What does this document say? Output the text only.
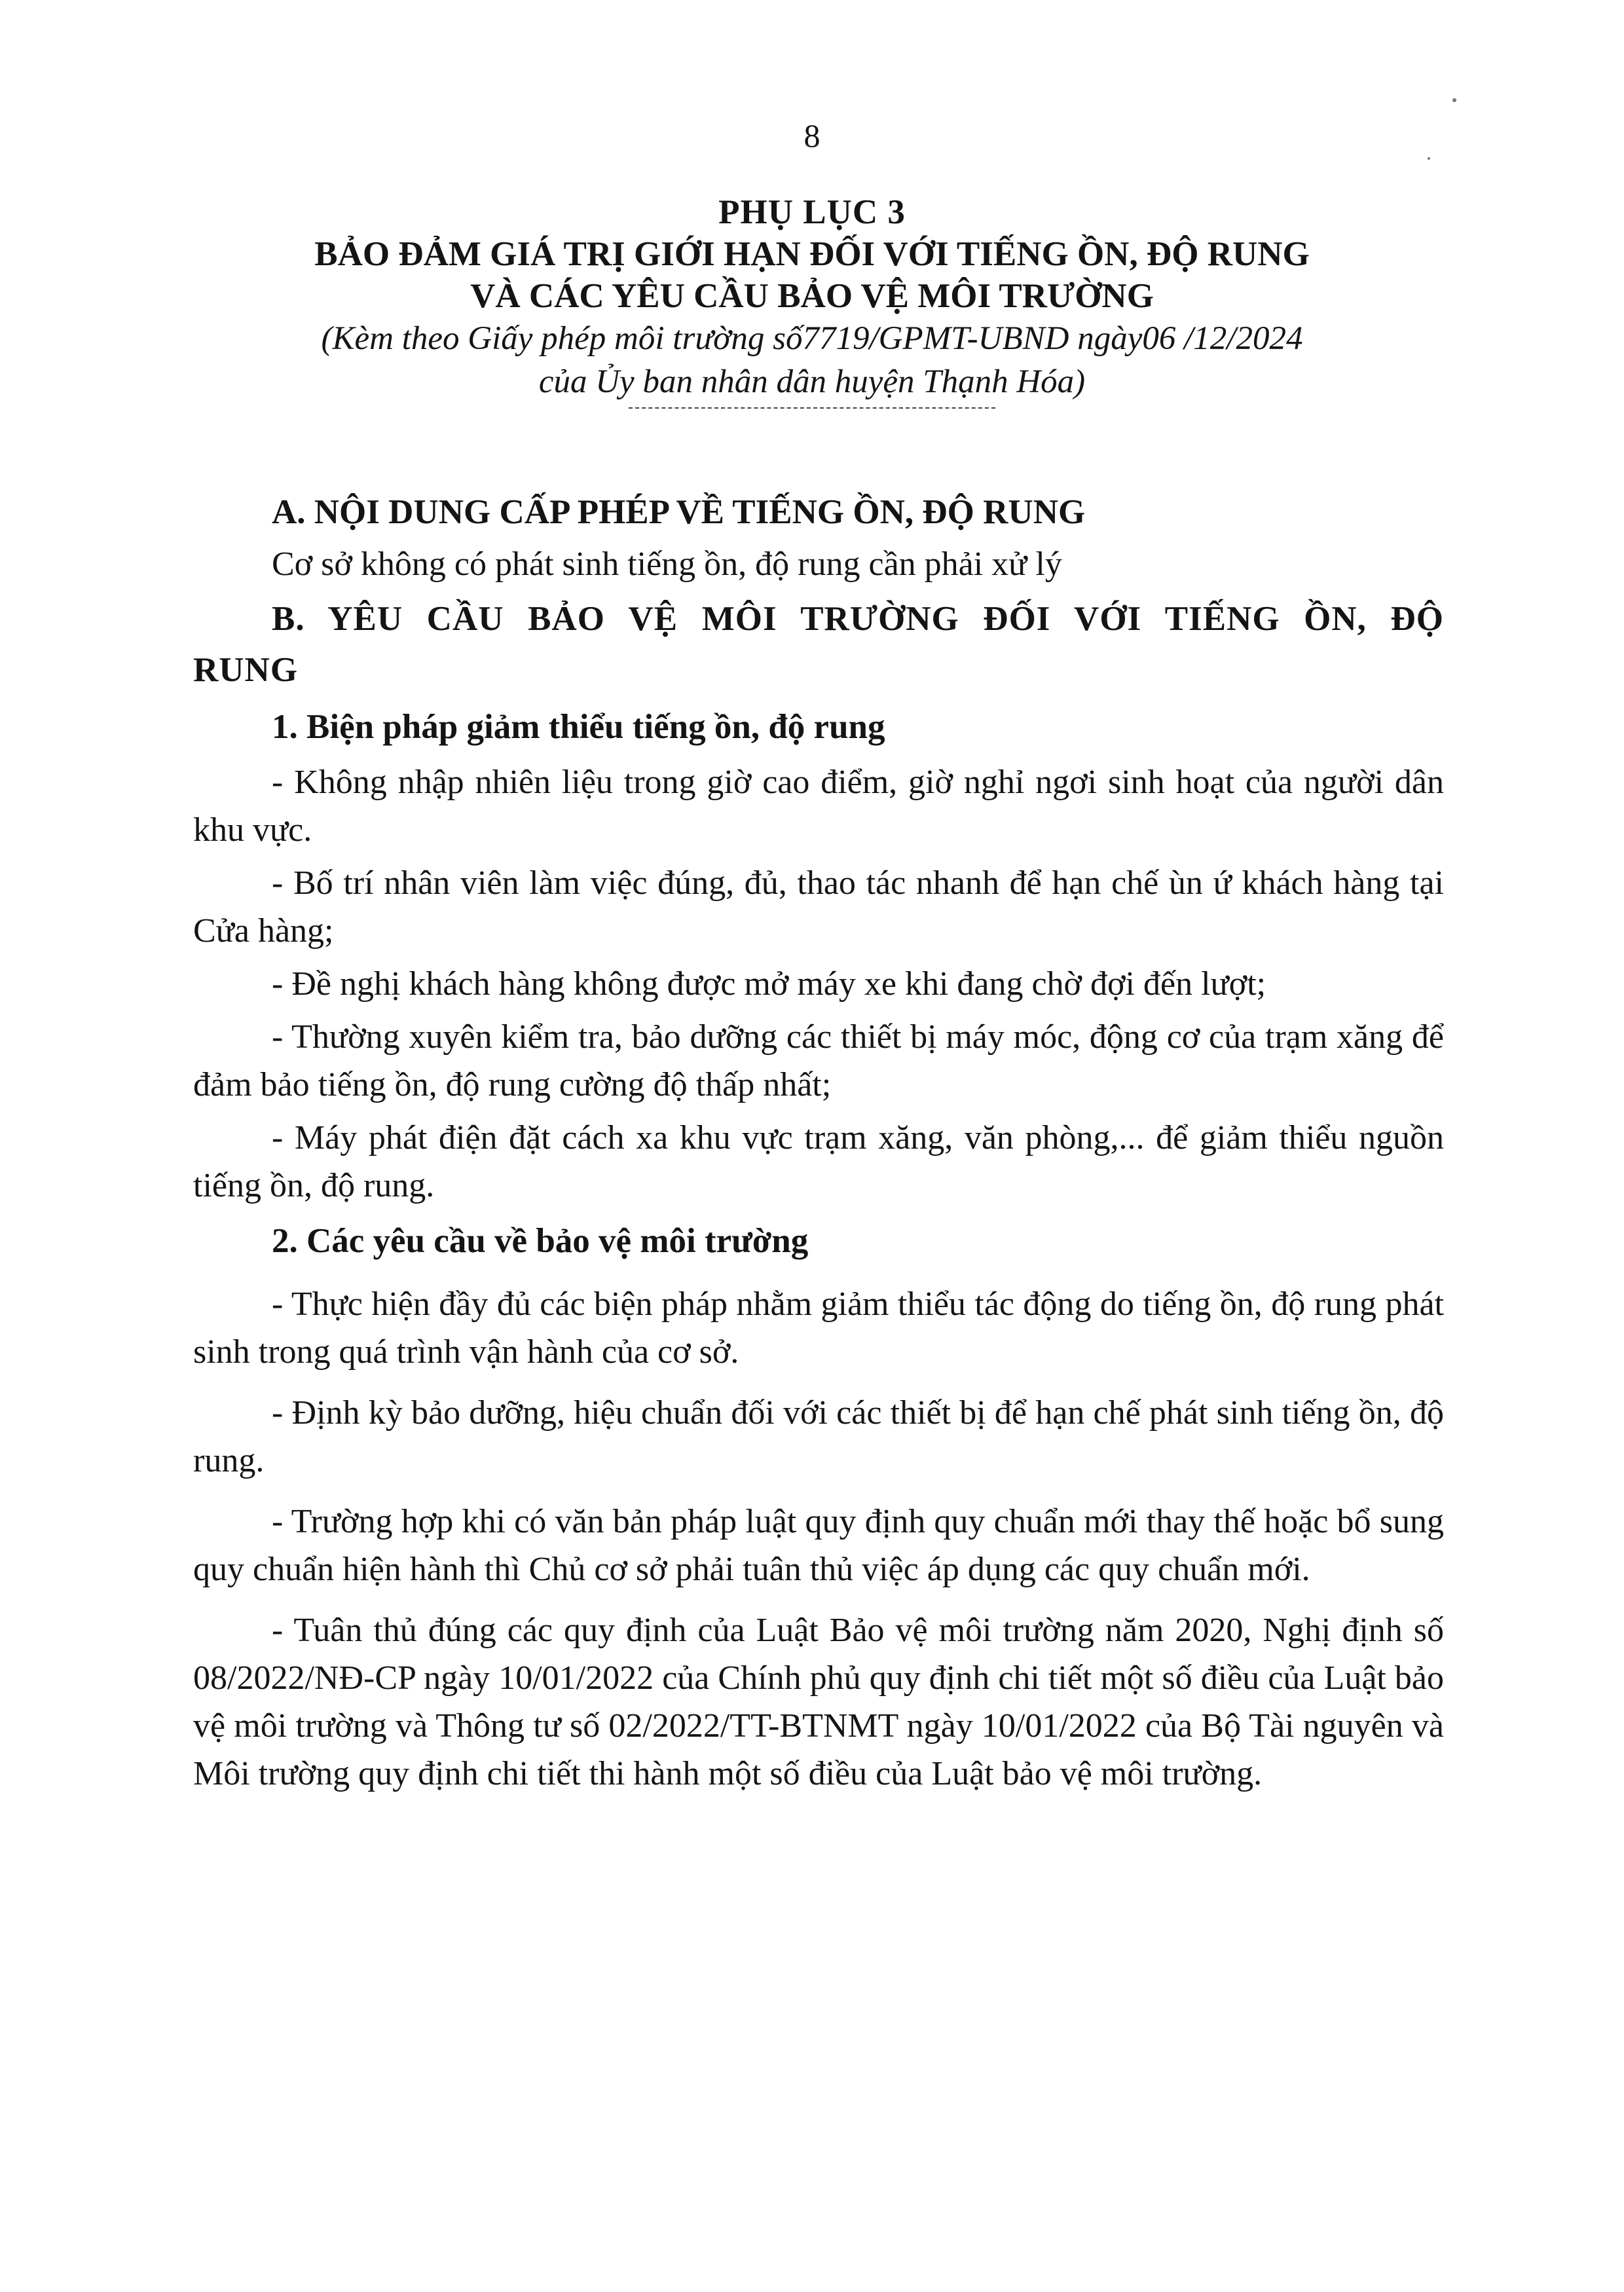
8
PHỤ LỤC 3
BẢO ĐẢM GIÁ TRỊ GIỚI HẠN ĐỐI VỚI TIẾNG ỒN, ĐỘ RUNG
VÀ CÁC YÊU CẦU BẢO VỆ MÔI TRƯỜNG
(Kèm theo Giấy phép môi trường số7719/GPMT-UBND ngày06 /12/2024
của Ủy ban nhân dân huyện Thạnh Hóa)
A. NỘI DUNG CẤP PHÉP VỀ TIẾNG ỒN, ĐỘ RUNG
Cơ sở không có phát sinh tiếng ồn, độ rung cần phải xử lý
B. YÊU CẦU BẢO VỆ MÔI TRƯỜNG ĐỐI VỚI TIẾNG ỒN, ĐỘ RUNG
1. Biện pháp giảm thiểu tiếng ồn, độ rung
- Không nhập nhiên liệu trong giờ cao điểm, giờ nghỉ ngơi sinh hoạt của người dân khu vực.
- Bố trí nhân viên làm việc đúng, đủ, thao tác nhanh để hạn chế ùn ứ khách hàng tại Cửa hàng;
- Đề nghị khách hàng không được mở máy xe khi đang chờ đợi đến lượt;
- Thường xuyên kiểm tra, bảo dưỡng các thiết bị máy móc, động cơ của trạm xăng để đảm bảo tiếng ồn, độ rung cường độ thấp nhất;
- Máy phát điện đặt cách xa khu vực trạm xăng, văn phòng,... để giảm thiểu nguồn tiếng ồn, độ rung.
2. Các yêu cầu về bảo vệ môi trường
- Thực hiện đầy đủ các biện pháp nhằm giảm thiểu tác động do tiếng ồn, độ rung phát sinh trong quá trình vận hành của cơ sở.
- Định kỳ bảo dưỡng, hiệu chuẩn đối với các thiết bị để hạn chế phát sinh tiếng ồn, độ rung.
- Trường hợp khi có văn bản pháp luật quy định quy chuẩn mới thay thế hoặc bổ sung quy chuẩn hiện hành thì Chủ cơ sở phải tuân thủ việc áp dụng các quy chuẩn mới.
- Tuân thủ đúng các quy định của Luật Bảo vệ môi trường năm 2020, Nghị định số 08/2022/NĐ-CP ngày 10/01/2022 của Chính phủ quy định chi tiết một số điều của Luật bảo vệ môi trường và Thông tư số 02/2022/TT-BTNMT ngày 10/01/2022 của Bộ Tài nguyên và Môi trường quy định chi tiết thi hành một số điều của Luật bảo vệ môi trường.
